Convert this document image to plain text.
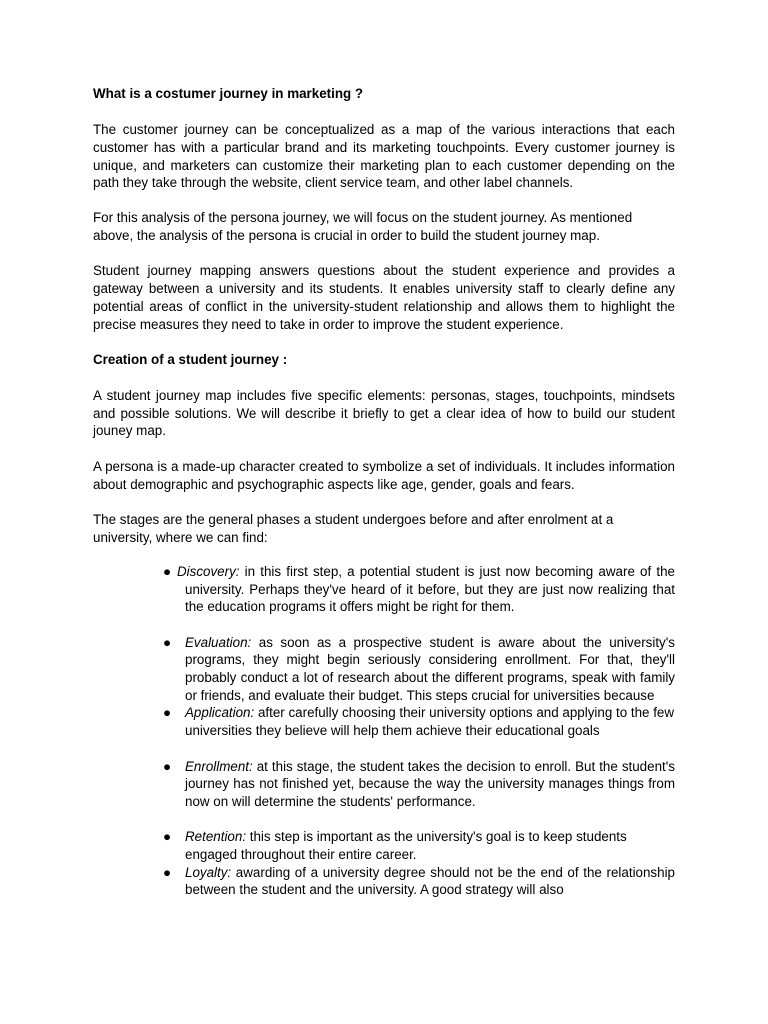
What is a costumer journey in marketing ?

The customer journey can be conceptualized as a map of the various interactions that each customer has with a particular brand and its marketing touchpoints. Every customer journey is unique, and marketers can customize their marketing plan to each customer depending on the path they take through the website, client service team, and other label channels.

For this analysis of the persona journey, we will focus on the student journey. As mentioned above, the analysis of the persona is crucial in order to build the student journey map.

Student journey mapping answers questions about the student experience and provides a gateway between a university and its students. It enables university staff to clearly define any potential areas of conflict in the university-student relationship and allows them to highlight the precise measures they need to take in order to improve the student experience.

Creation of a student journey :

A student journey map includes five specific elements: personas, stages, touchpoints, mindsets and possible solutions. We will describe it briefly to get a clear idea of how to build our student jouney map.

A persona is a made-up character created to symbolize a set of individuals. It includes information about demographic and psychographic aspects like age, gender, goals and fears.

The stages are the general phases a student undergoes before and after enrolment at a university, where we can find:

● Discovery: in this first step, a potential student is just now becoming aware of the university. Perhaps they've heard of it before, but they are just now realizing that the education programs it offers might be right for them.
● Evaluation: as soon as a prospective student is aware about the university's programs, they might begin seriously considering enrollment. For that, they'll probably conduct a lot of research about the different programs, speak with family or friends, and evaluate their budget. This steps crucial for universities because
● Application: after carefully choosing their university options and applying to the few universities they believe will help them achieve their educational goals
● Enrollment: at this stage, the student takes the decision to enroll. But the student's journey has not finished yet, because the way the university manages things from now on will determine the students' performance.
● Retention: this step is important as the university's goal is to keep students engaged throughout their entire career.
● Loyalty: awarding of a university degree should not be the end of the relationship between the student and the university. A good strategy will also
